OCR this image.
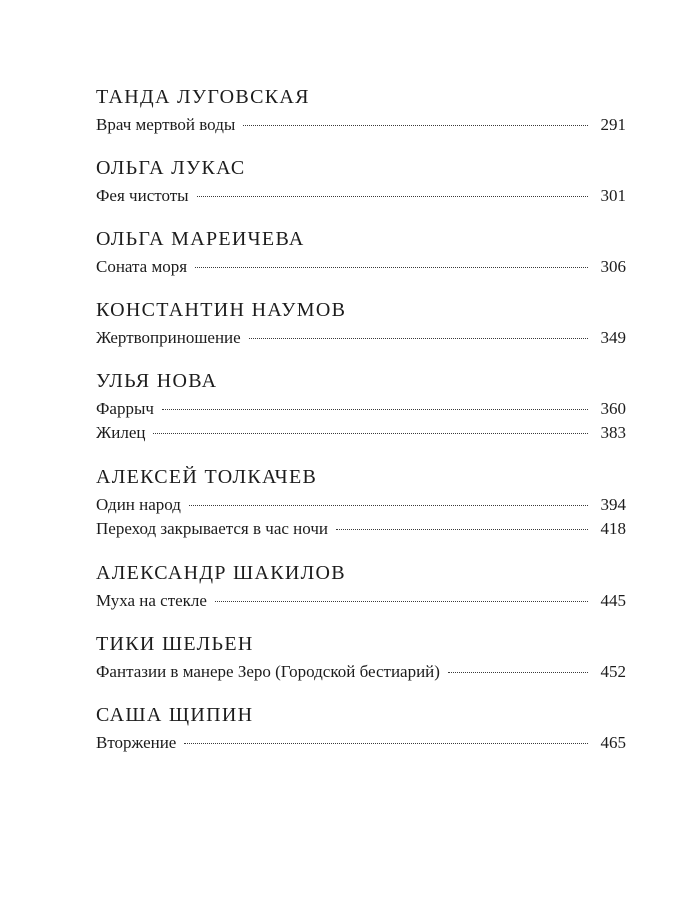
ТАНДА ЛУГОВСКАЯ
Врач мертвой воды	291
ОЛЬГА ЛУКАС
Фея чистоты	301
ОЛЬГА МАРЕИЧЕВА
Соната моря	306
КОНСТАНТИН НАУМОВ
Жертвоприношение	349
УЛЬЯ НОВА
Фаррыч	360
Жилец	383
АЛЕКСЕЙ ТОЛКАЧЕВ
Один народ	394
Переход закрывается в час ночи	418
АЛЕКСАНДР ШАКИЛОВ
Муха на стекле	445
ТИКИ ШЕЛЬЕН
Фантазии в манере Зеро (Городской бестиарий)	452
САША ЩИПИН
Вторжение	465
